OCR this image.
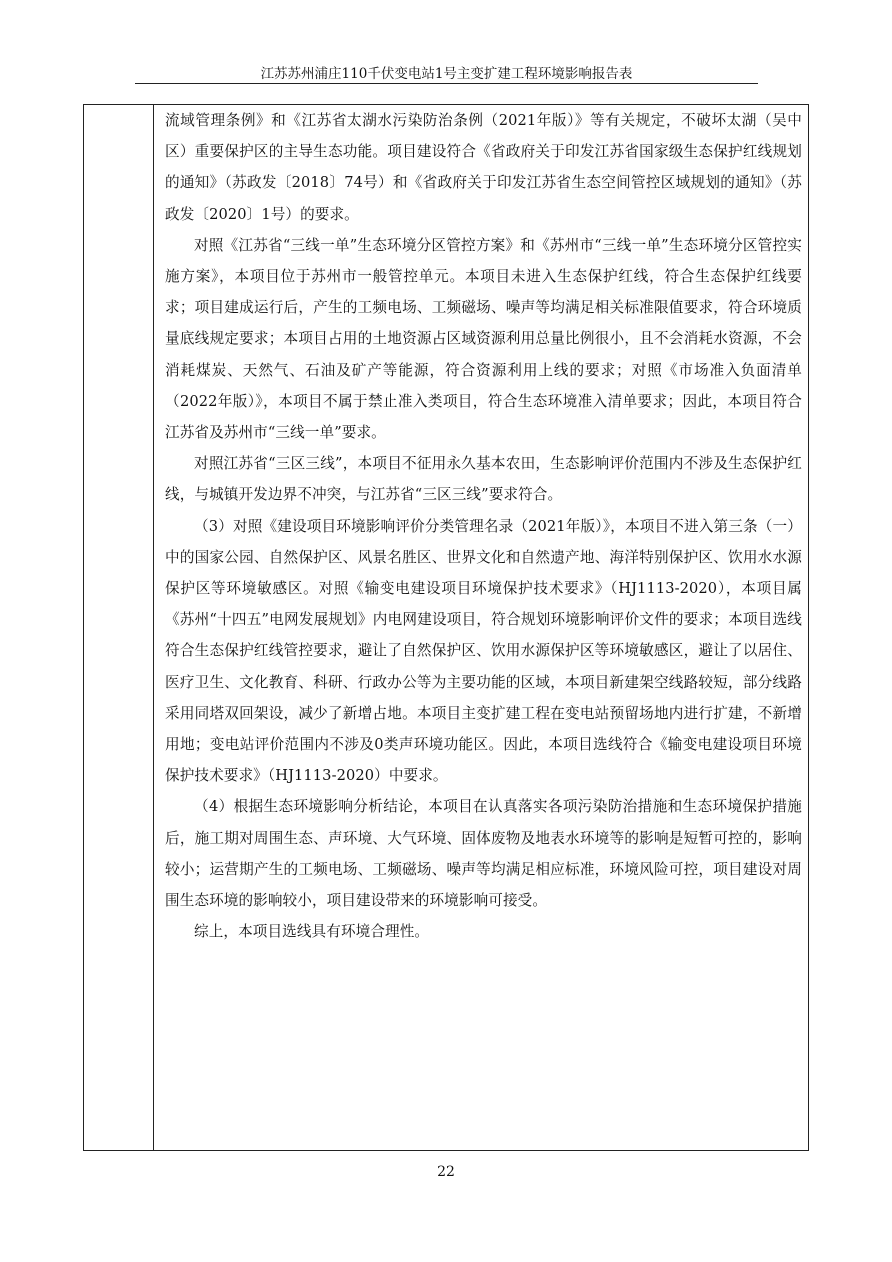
江苏苏州浦庄110千伏变电站1号主变扩建工程环境影响报告表

流域管理条例》和《江苏省太湖水污染防治条例（2021年版）》等有关规定，不破坏太湖（吴中区）重要保护区的主导生态功能。项目建设符合《省政府关于印发江苏省国家级生态保护红线规划的通知》（苏政发〔2018〕74号）和《省政府关于印发江苏省生态空间管控区域规划的通知》（苏政发〔2020〕1号）的要求。

对照《江苏省“三线一单”生态环境分区管控方案》和《苏州市“三线一单”生态环境分区管控实施方案》，本项目位于苏州市一般管控单元。本项目未进入生态保护红线，符合生态保护红线要求；项目建成运行后，产生的工频电场、工频磁场、噪声等均满足相关标准限值要求，符合环境质量底线规定要求；本项目占用的土地资源占区域资源利用总量比例很小，且不会消耗水资源，不会消耗煤炭、天然气、石油及矿产等能源，符合资源利用上线的要求；对照《市场准入负面清单（2022年版）》，本项目不属于禁止准入类项目，符合生态环境准入清单要求；因此，本项目符合江苏省及苏州市“三线一单”要求。

对照江苏省“三区三线”，本项目不征用永久基本农田，生态影响评价范围内不涉及生态保护红线，与城镇开发边界不冲突，与江苏省“三区三线”要求符合。

（3）对照《建设项目环境影响评价分类管理名录（2021年版）》，本项目不进入第三条（一）中的国家公园、自然保护区、风景名胜区、世界文化和自然遗产地、海洋特别保护区、饮用水水源保护区等环境敏感区。对照《输变电建设项目环境保护技术要求》（HJ1113-2020），本项目属《苏州“十四五”电网发展规划》内电网建设项目，符合规划环境影响评价文件的要求；本项目选线符合生态保护红线管控要求，避让了自然保护区、饮用水源保护区等环境敏感区，避让了以居住、医疗卫生、文化教育、科研、行政办公等为主要功能的区域，本项目新建架空线路较短，部分线路采用同塔双回架设，减少了新增占地。本项目主变扩建工程在变电站预留场地内进行扩建，不新增用地；变电站评价范围内不涉及0类声环境功能区。因此，本项目选线符合《输变电建设项目环境保护技术要求》（HJ1113-2020）中要求。

（4）根据生态环境影响分析结论，本项目在认真落实各项污染防治措施和生态环境保护措施后，施工期对周围生态、声环境、大气环境、固体废物及地表水环境等的影响是短暂可控的，影响较小；运营期产生的工频电场、工频磁场、噪声等均满足相应标准，环境风险可控，项目建设对周围生态环境的影响较小，项目建设带来的环境影响可接受。

综上，本项目选线具有环境合理性。

22
